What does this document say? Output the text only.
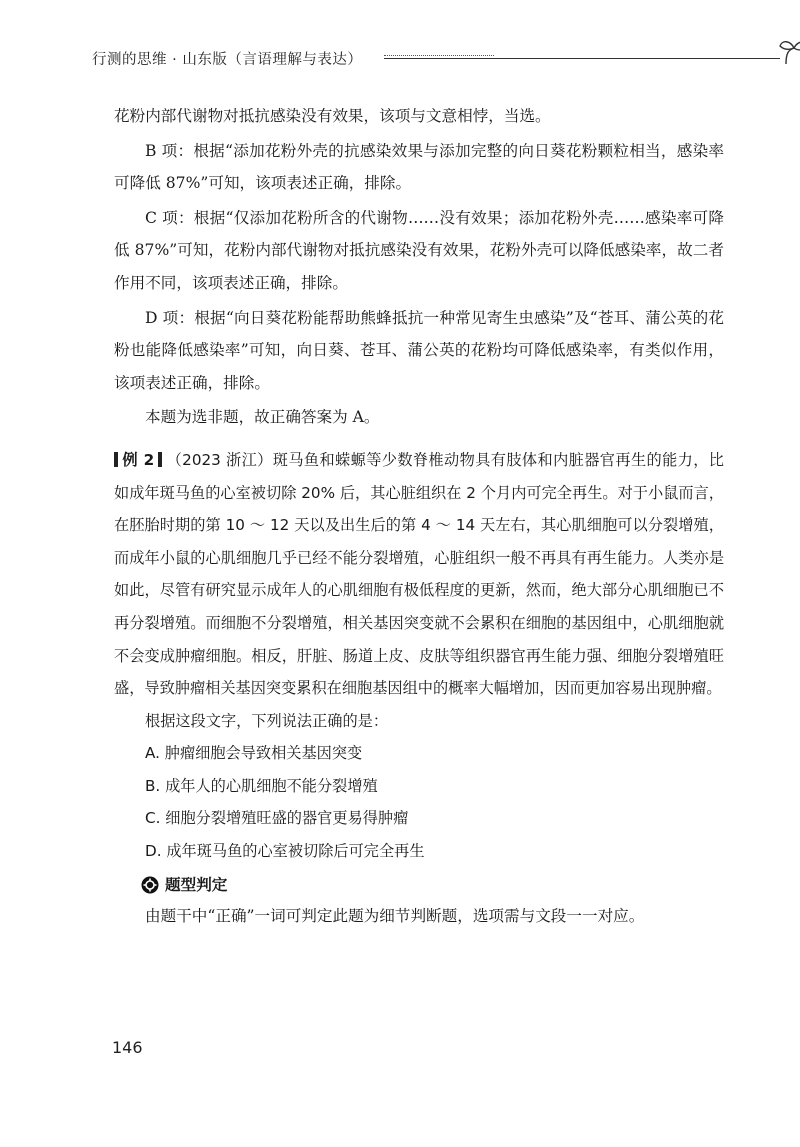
行测的思维 · 山东版（言语理解与表达）

花粉内部代谢物对抵抗感染没有效果，该项与文意相悖，当选。

B 项：根据“添加花粉外壳的抗感染效果与添加完整的向日葵花粉颗粒相当，感染率可降低 87%”可知，该项表述正确，排除。

C 项：根据“仅添加花粉所含的代谢物……没有效果；添加花粉外壳……感染率可降低 87%”可知，花粉内部代谢物对抵抗感染没有效果，花粉外壳可以降低感染率，故二者作用不同，该项表述正确，排除。

D 项：根据“向日葵花粉能帮助熊蜂抵抗一种常见寄生虫感染”及“苍耳、蒲公英的花粉也能降低感染率”可知，向日葵、苍耳、蒲公英的花粉均可降低感染率，有类似作用，该项表述正确，排除。

本题为选非题，故正确答案为 A。

例 2 （2023 浙江）斑马鱼和蝾螈等少数脊椎动物具有肢体和内脏器官再生的能力，比如成年斑马鱼的心室被切除 20% 后，其心脏组织在 2 个月内可完全再生。对于小鼠而言，在胚胎时期的第 10 ～ 12 天以及出生后的第 4 ～ 14 天左右，其心肌细胞可以分裂增殖，而成年小鼠的心肌细胞几乎已经不能分裂增殖，心脏组织一般不再具有再生能力。人类亦是如此，尽管有研究显示成年人的心肌细胞有极低程度的更新，然而，绝大部分心肌细胞已不再分裂增殖。而细胞不分裂增殖，相关基因突变就不会累积在细胞的基因组中，心肌细胞就不会变成肿瘤细胞。相反，肝脏、肠道上皮、皮肤等组织器官再生能力强、细胞分裂增殖旺盛，导致肿瘤相关基因突变累积在细胞基因组中的概率大幅增加，因而更加容易出现肿瘤。

根据这段文字，下列说法正确的是：

A. 肿瘤细胞会导致相关基因突变

B. 成年人的心肌细胞不能分裂增殖

C. 细胞分裂增殖旺盛的器官更易得肿瘤

D. 成年斑马鱼的心室被切除后可完全再生

题型判定

由题干中“正确”一词可判定此题为细节判断题，选项需与文段一一对应。

146
